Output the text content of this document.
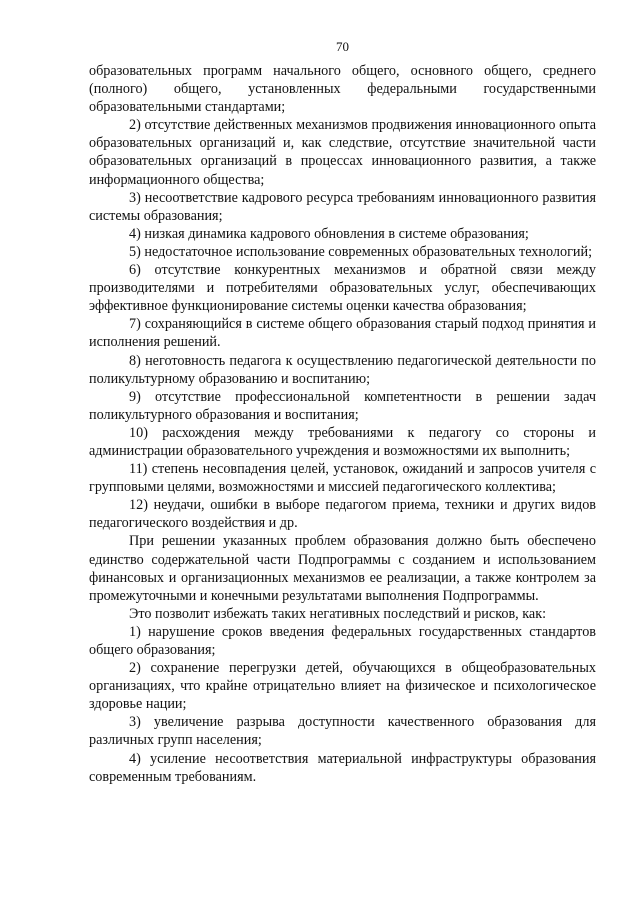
70

образовательных программ начального общего, основного общего, среднего (полного) общего, установленных федеральными государственными образовательными стандартами;

2) отсутствие действенных механизмов продвижения инновационного опыта образовательных организаций и, как следствие, отсутствие значительной части образовательных организаций в процессах инновационного развития, а также информационного общества;

3) несоответствие кадрового ресурса требованиям инновационного развития системы образования;

4) низкая динамика кадрового обновления в системе образования;

5) недостаточное использование современных образовательных технологий;

6) отсутствие конкурентных механизмов и обратной связи между производителями и потребителями образовательных услуг, обеспечивающих эффективное функционирование системы оценки качества образования;

7) сохраняющийся в системе общего образования старый подход принятия и исполнения решений.

8) неготовность педагога к осуществлению педагогической деятельности по поликультурному образованию и воспитанию;

9) отсутствие профессиональной компетентности в решении задач поликультурного образования и воспитания;

10) расхождения между требованиями к педагогу со стороны и администрации образовательного учреждения и возможностями их выполнить;

11) степень несовпадения целей, установок, ожиданий и запросов учителя с групповыми целями, возможностями и миссией педагогического коллектива;

12) неудачи, ошибки в выборе педагогом приема, техники и других видов педагогического воздействия и др.

При решении указанных проблем образования должно быть обеспечено единство содержательной части Подпрограммы с созданием и использованием финансовых и организационных механизмов ее реализации, а также контролем за промежуточными и конечными результатами выполнения Подпрограммы.

Это позволит избежать таких негативных последствий и рисков, как:

1) нарушение сроков введения федеральных государственных стандартов общего образования;

2) сохранение перегрузки детей, обучающихся в общеобразовательных организациях, что крайне отрицательно влияет на физическое и психологическое здоровье нации;

3) увеличение разрыва доступности качественного образования для различных групп населения;

4) усиление несоответствия материальной инфраструктуры образования современным требованиям.
